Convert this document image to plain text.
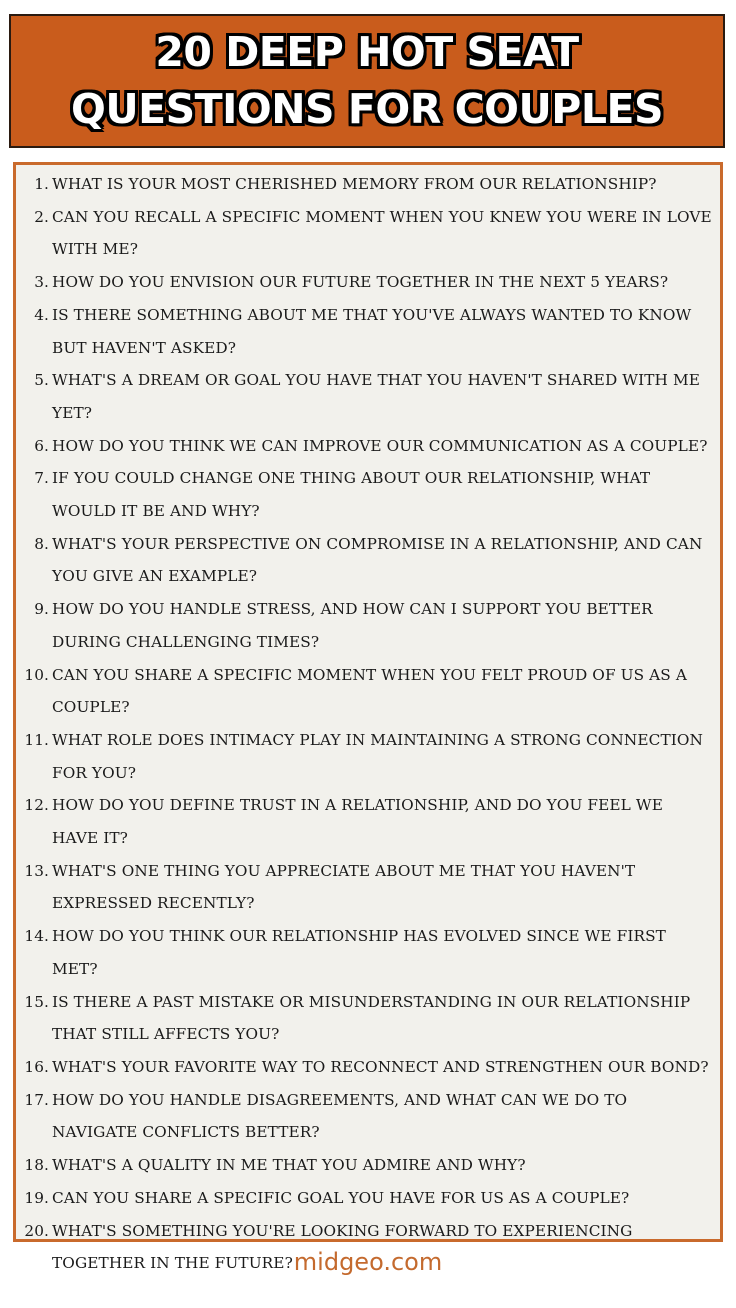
20 DEEP HOT SEAT QUESTIONS FOR COUPLES
1. WHAT IS YOUR MOST CHERISHED MEMORY FROM OUR RELATIONSHIP?
2. CAN YOU RECALL A SPECIFIC MOMENT WHEN YOU KNEW YOU WERE IN LOVE WITH ME?
3. HOW DO YOU ENVISION OUR FUTURE TOGETHER IN THE NEXT 5 YEARS?
4. IS THERE SOMETHING ABOUT ME THAT YOU'VE ALWAYS WANTED TO KNOW BUT HAVEN'T ASKED?
5. WHAT'S A DREAM OR GOAL YOU HAVE THAT YOU HAVEN'T SHARED WITH ME YET?
6. HOW DO YOU THINK WE CAN IMPROVE OUR COMMUNICATION AS A COUPLE?
7. IF YOU COULD CHANGE ONE THING ABOUT OUR RELATIONSHIP, WHAT WOULD IT BE AND WHY?
8. WHAT'S YOUR PERSPECTIVE ON COMPROMISE IN A RELATIONSHIP, AND CAN YOU GIVE AN EXAMPLE?
9. HOW DO YOU HANDLE STRESS, AND HOW CAN I SUPPORT YOU BETTER DURING CHALLENGING TIMES?
10. CAN YOU SHARE A SPECIFIC MOMENT WHEN YOU FELT PROUD OF US AS A COUPLE?
11. WHAT ROLE DOES INTIMACY PLAY IN MAINTAINING A STRONG CONNECTION FOR YOU?
12. HOW DO YOU DEFINE TRUST IN A RELATIONSHIP, AND DO YOU FEEL WE HAVE IT?
13. WHAT'S ONE THING YOU APPRECIATE ABOUT ME THAT YOU HAVEN'T EXPRESSED RECENTLY?
14. HOW DO YOU THINK OUR RELATIONSHIP HAS EVOLVED SINCE WE FIRST MET?
15. IS THERE A PAST MISTAKE OR MISUNDERSTANDING IN OUR RELATIONSHIP THAT STILL AFFECTS YOU?
16. WHAT'S YOUR FAVORITE WAY TO RECONNECT AND STRENGTHEN OUR BOND?
17. HOW DO YOU HANDLE DISAGREEMENTS, AND WHAT CAN WE DO TO NAVIGATE CONFLICTS BETTER?
18. WHAT'S A QUALITY IN ME THAT YOU ADMIRE AND WHY?
19. CAN YOU SHARE A SPECIFIC GOAL YOU HAVE FOR US AS A COUPLE?
20. WHAT'S SOMETHING YOU'RE LOOKING FORWARD TO EXPERIENCING TOGETHER IN THE FUTURE? midgeo.com
